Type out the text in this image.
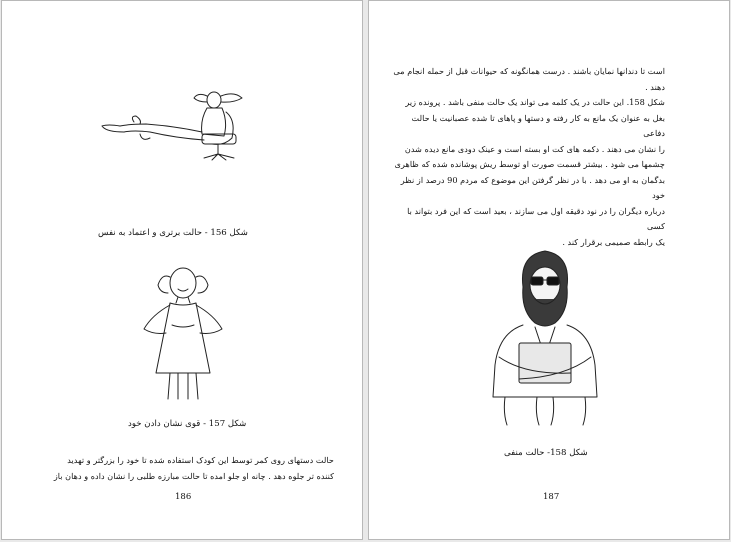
شکل 156 - حالت برتری و اعتماد به نفس
شکل 157 - قوی نشان دادن خود

حالت دستهای روی کمر توسط این کودک استفاده شده تا خود را بزرگتر و تهدید

کننده تر جلوه دهد . چانه او جلو امده تا حالت مبارزه طلبی را نشان داده و دهان باز

186

است تا دندانها نمایان باشند . درست همانگونه که حیوانات قبل از حمله انجام می

دهند .

شکل 158. این حالت در یک کلمه می تواند یک حالت منفی باشد . پرونده زیر

بغل به عنوان یک مانع به کار رفته و دستها و پاهای تا شده عصبانیت یا حالت دفاعی

را نشان می دهند . دکمه های کت او بسته است و عینک دودی مانع دیده شدن

چشمها می شود . بیشتر قسمت صورت او توسط ریش پوشانده شده که ظاهری

بدگمان به او می دهد . با در نظر گرفتن این موضوع که مردم 90 درصد از نظر خود

درباره دیگران را در نود دقیقه اول می سازند ، بعید است که این فرد بتواند با کسی

یک رابطه صمیمی برقرار کند .

شکل 158- حالت منفی
187
